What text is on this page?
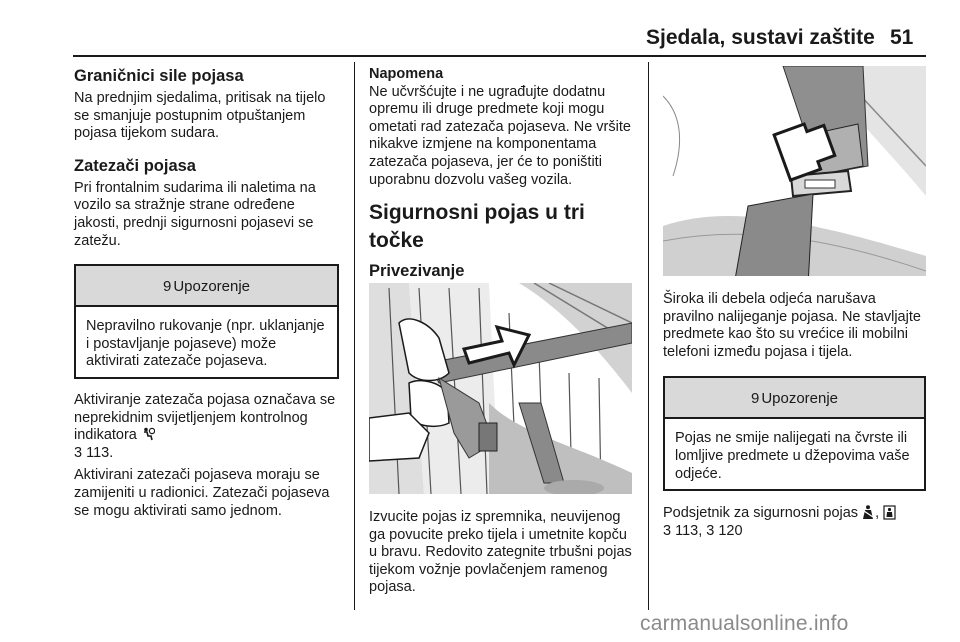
Sjedala, sustavi zaštite 51
Graničnici sile pojasa

Na prednjim sjedalima, pritisak na tijelo se smanjuje postupnim otpuštanjem pojasa tijekom sudara.

Zatezači pojasa

Pri frontalnim sudarima ili naletima na vozilo sa stražnje strane određene jakosti, prednji sigurnosni pojasevi se zatežu.

9 Upozorenje
Nepravilno rukovanje (npr. uklanjanje i postavljanje pojaseve) može aktivirati zatezače pojaseva.

Aktiviranje zatezača pojasa označava se neprekidnim svijetljenjem kontrolnog indikatora
3 113.

Aktivirani zatezači pojaseva moraju se zamijeniti u radionici. Zatezači pojaseva se mogu aktivirati samo jednom.

Napomena

Ne učvršćujte i ne ugrađujte dodatnu opremu ili druge predmete koji mogu ometati rad zatezača pojaseva. Ne vršite nikakve izmjene na komponentama zatezača pojaseva, jer će to poništiti uporabnu dozvolu vašeg vozila.

Sigurnosni pojas u tri točke
Privezivanje

Izvucite pojas iz spremnika, neuvijenog ga povucite preko tijela i umetnite kopču u bravu. Redovito zategnite trbušni pojas tijekom vožnje povlačenjem ramenog pojasa.

Široka ili debela odjeća narušava pravilno nalijeganje pojasa. Ne stavljajte predmete kao što su vrećice ili mobilni telefoni između pojasa i tijela.

9 Upozorenje
Pojas ne smije nalijegati na čvrste ili lomljive predmete u džepovima vaše odjeće.

Podsjetnik za sigurnosni pojas ,
3 113, 3 120

carmanualsonline.info
